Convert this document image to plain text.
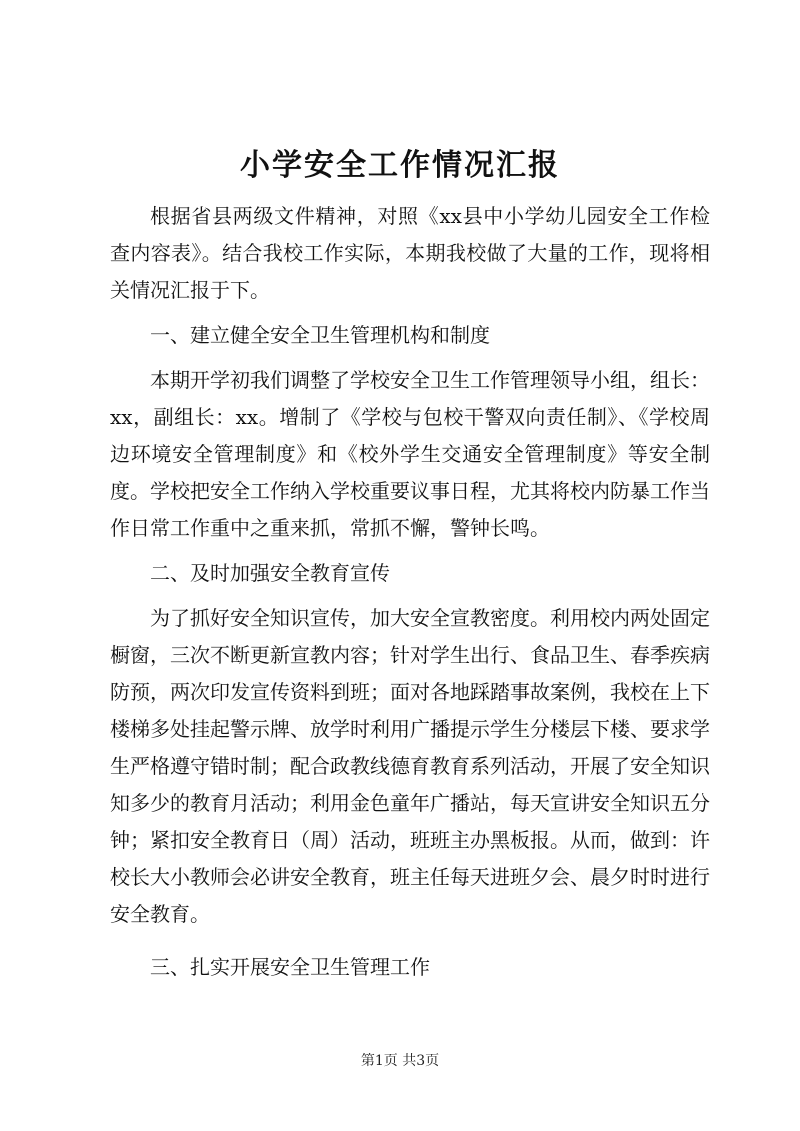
小学安全工作情况汇报

根据省县两级文件精神，对照《xx县中小学幼儿园安全工作检查内容表》。结合我校工作实际，本期我校做了大量的工作，现将相关情况汇报于下。

一、建立健全安全卫生管理机构和制度

本期开学初我们调整了学校安全卫生工作管理领导小组，组长：xx，副组长：xx。增制了《学校与包校干警双向责任制》、《学校周边环境安全管理制度》和《校外学生交通安全管理制度》等安全制度。学校把安全工作纳入学校重要议事日程，尤其将校内防暴工作当作日常工作重中之重来抓，常抓不懈，警钟长鸣。

二、及时加强安全教育宣传

为了抓好安全知识宣传，加大安全宣教密度。利用校内两处固定橱窗，三次不断更新宣教内容；针对学生出行、食品卫生、春季疾病防预，两次印发宣传资料到班；面对各地踩踏事故案例，我校在上下楼梯多处挂起警示牌、放学时利用广播提示学生分楼层下楼、要求学生严格遵守错时制；配合政教线德育教育系列活动，开展了安全知识知多少的教育月活动；利用金色童年广播站，每天宣讲安全知识五分钟；紧扣安全教育日（周）活动，班班主办黑板报。从而，做到：许校长大小教师会必讲安全教育，班主任每天进班夕会、晨夕时时进行安全教育。

三、扎实开展安全卫生管理工作

第1页 共3页
